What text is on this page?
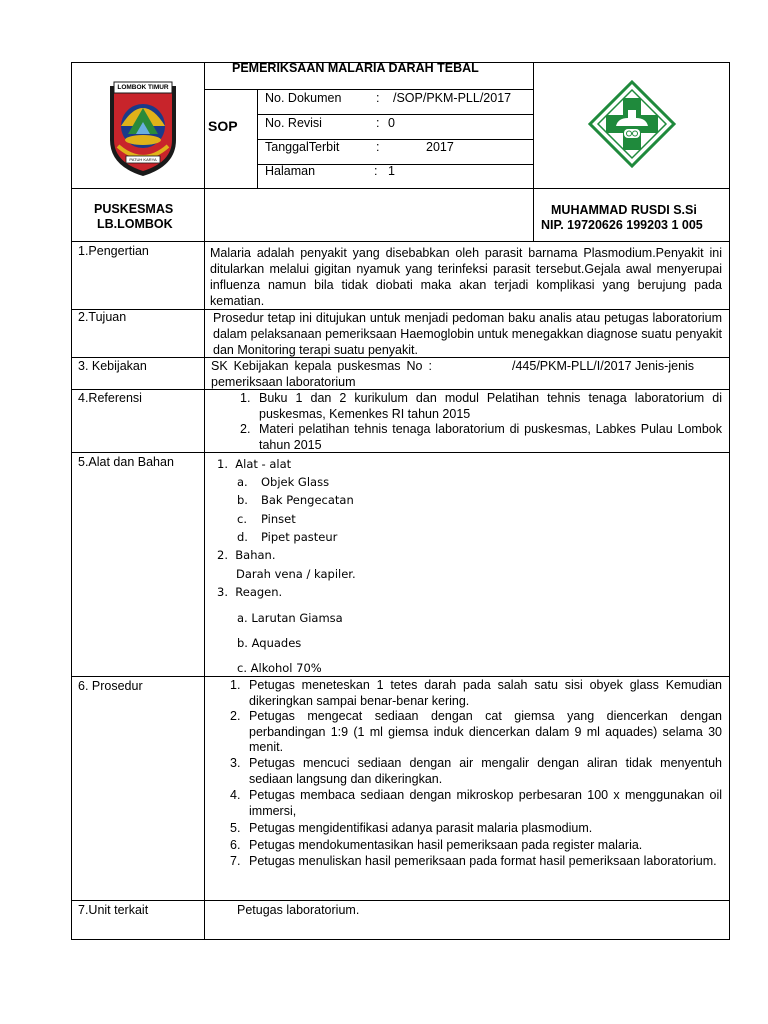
LOMBOK TIMUR
PATUH KARYA
PEMERIKSAAN MALARIA DARAH TEBAL
SOP
No. Dokumen	: /SOP/PKM-PLL/2017
No. Revisi	: 0
TanggalTerbit	:	2017
Halaman	: 1
PUSKESMAS
LB.LOMBOK
MUHAMMAD RUSDI S.Si
NIP. 19720626 199203 1 005
1.Pengertian	Malaria adalah penyakit yang disebabkan oleh parasit barnama Plasmodium.Penyakit ini ditularkan melalui gigitan nyamuk yang terinfeksi parasit tersebut.Gejala awal menyerupai influenza namun bila tidak diobati maka akan terjadi komplikasi yang berujung pada kematian.
2.Tujuan	Prosedur tetap ini ditujukan untuk menjadi pedoman baku analis atau petugas laboratorium dalam pelaksanaan pemeriksaan Haemoglobin untuk menegakkan diagnose suatu penyakit dan Monitoring terapi suatu penyakit.
3. Kebijakan	SK Kebijakan kepala puskesmas No :	/445/PKM-PLL/I/2017 Jenis-jenis
pemeriksaan laboratorium
4.Referensi	1. Buku 1 dan 2 kurikulum dan modul Pelatihan tehnis tenaga laboratorium di puskesmas, Kemenkes RI tahun 2015
2. Materi pelatihan tehnis tenaga laboratorium di puskesmas, Labkes Pulau Lombok tahun 2015
5.Alat dan Bahan	1.  Alat - alat
a. Objek Glass
b. Bak Pengecatan
c. Pinset
d. Pipet pasteur
2.  Bahan.
Darah vena / kapiler.
3.  Reagen.
a. Larutan Giamsa
b. Aquades
c. Alkohol 70%
6. Prosedur	1. Petugas meneteskan 1 tetes darah pada salah satu sisi obyek glass Kemudian dikeringkan sampai benar-benar kering.
2. Petugas mengecat sediaan dengan cat giemsa yang diencerkan dengan perbandingan 1:9 (1 ml giemsa induk diencerkan dalam 9 ml aquades) selama 30 menit.
3. Petugas mencuci sediaan dengan air mengalir dengan aliran tidak menyentuh sediaan langsung dan dikeringkan.
4. Petugas membaca sediaan dengan mikroskop perbesaran 100 x menggunakan oil immersi,
5. Petugas mengidentifikasi adanya parasit malaria plasmodium.
6. Petugas mendokumentasikan hasil pemeriksaan pada register malaria.
7. Petugas menuliskan hasil pemeriksaan pada format hasil pemeriksaan laboratorium.
7.Unit terkait	Petugas laboratorium.
